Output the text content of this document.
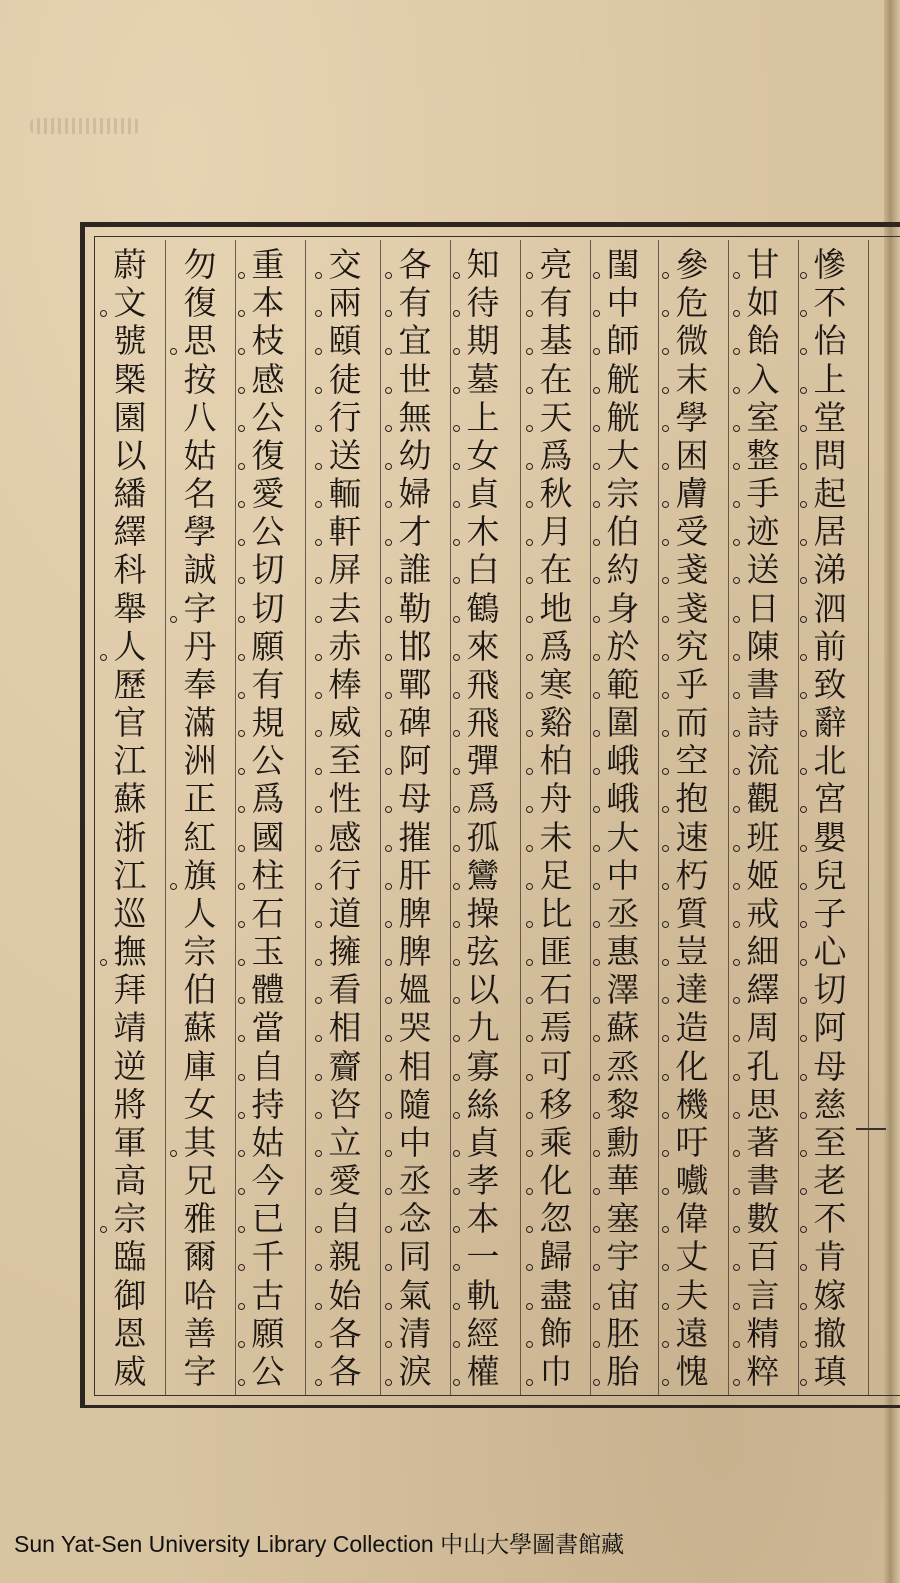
慘
不
怡
上
堂
問
起
居
涕
泗
前
致
辭
北
宮
嬰
兒
子
心
切
阿
母
慈
至
老
不
肯
嫁
撤
瑱
甘
如
飴
入
室
整
手
迹
送
日
陳
書
詩
流
觀
班
姬
戒
細
繹
周
孔
思
著
書
數
百
言
精
粹
參
危
微
末
學
困
膚
受
戔
戔
究
乎
而
空
抱
速
朽
質
豈
達
造
化
機
吁
嚱
偉
丈
夫
遠
愧
閨
中
師
觥
觥
大
宗
伯
約
身
於
範
圍
峨
峨
大
中
丞
惠
澤
蘇
烝
黎
勳
華
塞
宇
宙
胚
胎
亮
有
基
在
天
爲
秋
月
在
地
爲
寒
谿
柏
舟
未
足
比
匪
石
焉
可
移
乘
化
忽
歸
盡
飾
巾
知
待
期
墓
上
女
貞
木
白
鶴
來
飛
飛
彈
爲
孤
鸞
操
弦
以
九
寡
絲
貞
孝
本
一
軌
經
權
各
有
宜
世
無
幼
婦
才
誰
勒
邯
鄲
碑
阿
母
摧
肝
脾
脾
媼
哭
相
隨
中
丞
念
同
氣
清
淚
交
兩
頤
徒
行
送
輀
軒
屏
去
赤
棒
威
至
性
感
行
道
擁
看
相
齎
咨
立
愛
自
親
始
各
各
重
本
枝
感
公
復
愛
公
切
切
願
有
規
公
爲
國
柱
石
玉
體
當
自
持
姑
今
已
千
古
願
公
勿
復
思
按
八
姑
名
學
誠
字
丹
奉
滿
洲
正
紅
旗
人
宗
伯
蘇
庫
女
其
兄
雅
爾
哈
善
字
蔚
文
號
㮣
園
以
繙
繹
科
舉
人
歷
官
江
蘇
浙
江
巡
撫
拜
靖
逆
將
軍
高
宗
臨
御
恩
威
Sun Yat-Sen University Library Collection 中山大學圖書館藏
